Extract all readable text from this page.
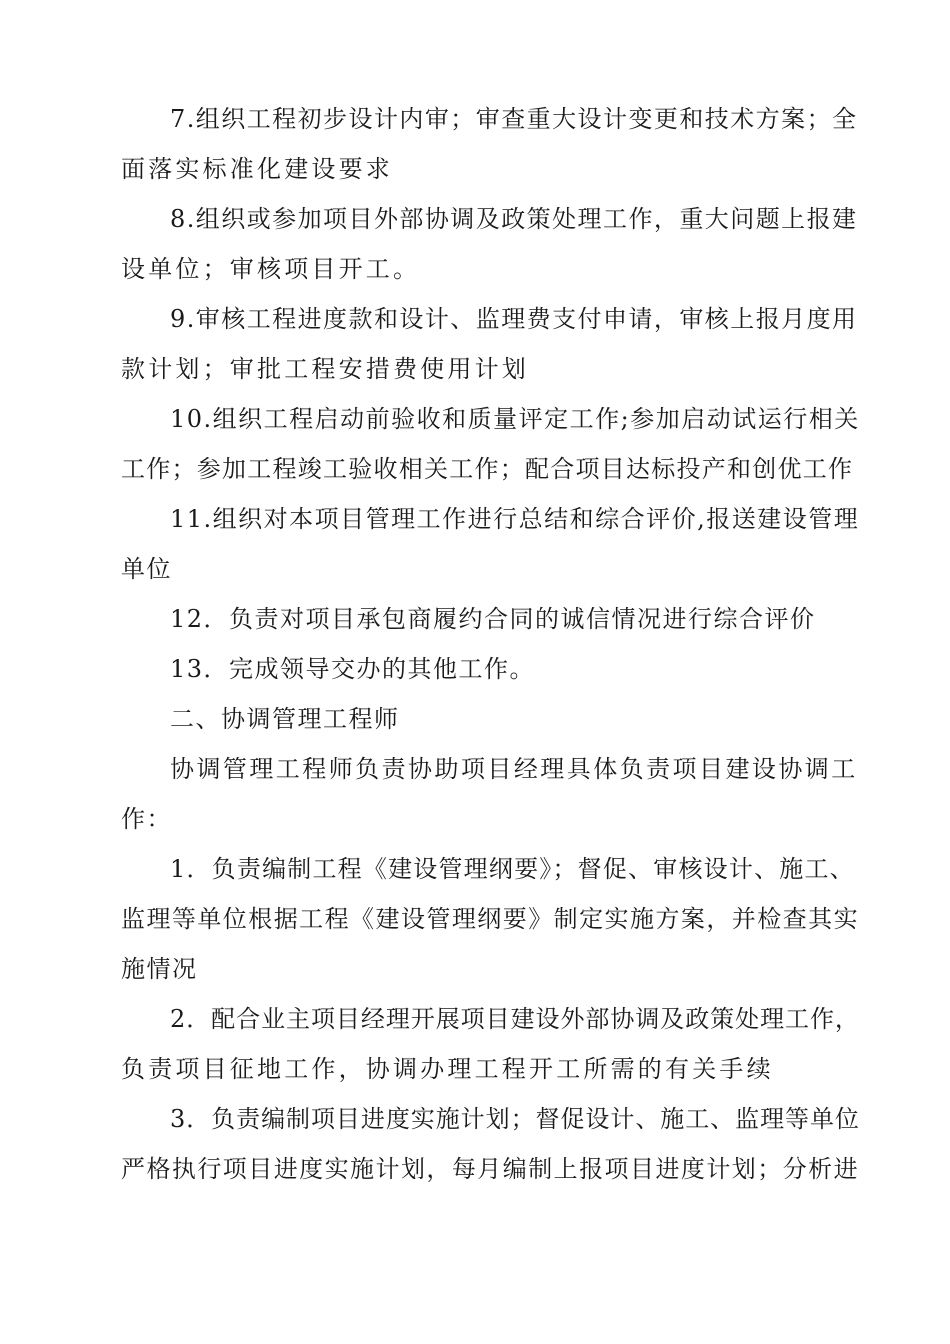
7.组织工程初步设计内审；审查重大设计变更和技术方案；全
面落实标准化建设要求
8.组织或参加项目外部协调及政策处理工作，重大问题上报建
设单位；审核项目开工。
9.审核工程进度款和设计、监理费支付申请，审核上报月度用
款计划；审批工程安措费使用计划
10.组织工程启动前验收和质量评定工作;参加启动试运行相关
工作；参加工程竣工验收相关工作；配合项目达标投产和创优工作
11.组织对本项目管理工作进行总结和综合评价,报送建设管理
单位
12．负责对项目承包商履约合同的诚信情况进行综合评价
13．完成领导交办的其他工作。
二、协调管理工程师
协调管理工程师负责协助项目经理具体负责项目建设协调工
作：
1．负责编制工程《建设管理纲要》；督促、审核设计、施工、
监理等单位根据工程《建设管理纲要》制定实施方案，并检查其实
施情况
2．配合业主项目经理开展项目建设外部协调及政策处理工作，
负责项目征地工作，协调办理工程开工所需的有关手续
3．负责编制项目进度实施计划；督促设计、施工、监理等单位
严格执行项目进度实施计划，每月编制上报项目进度计划；分析进
